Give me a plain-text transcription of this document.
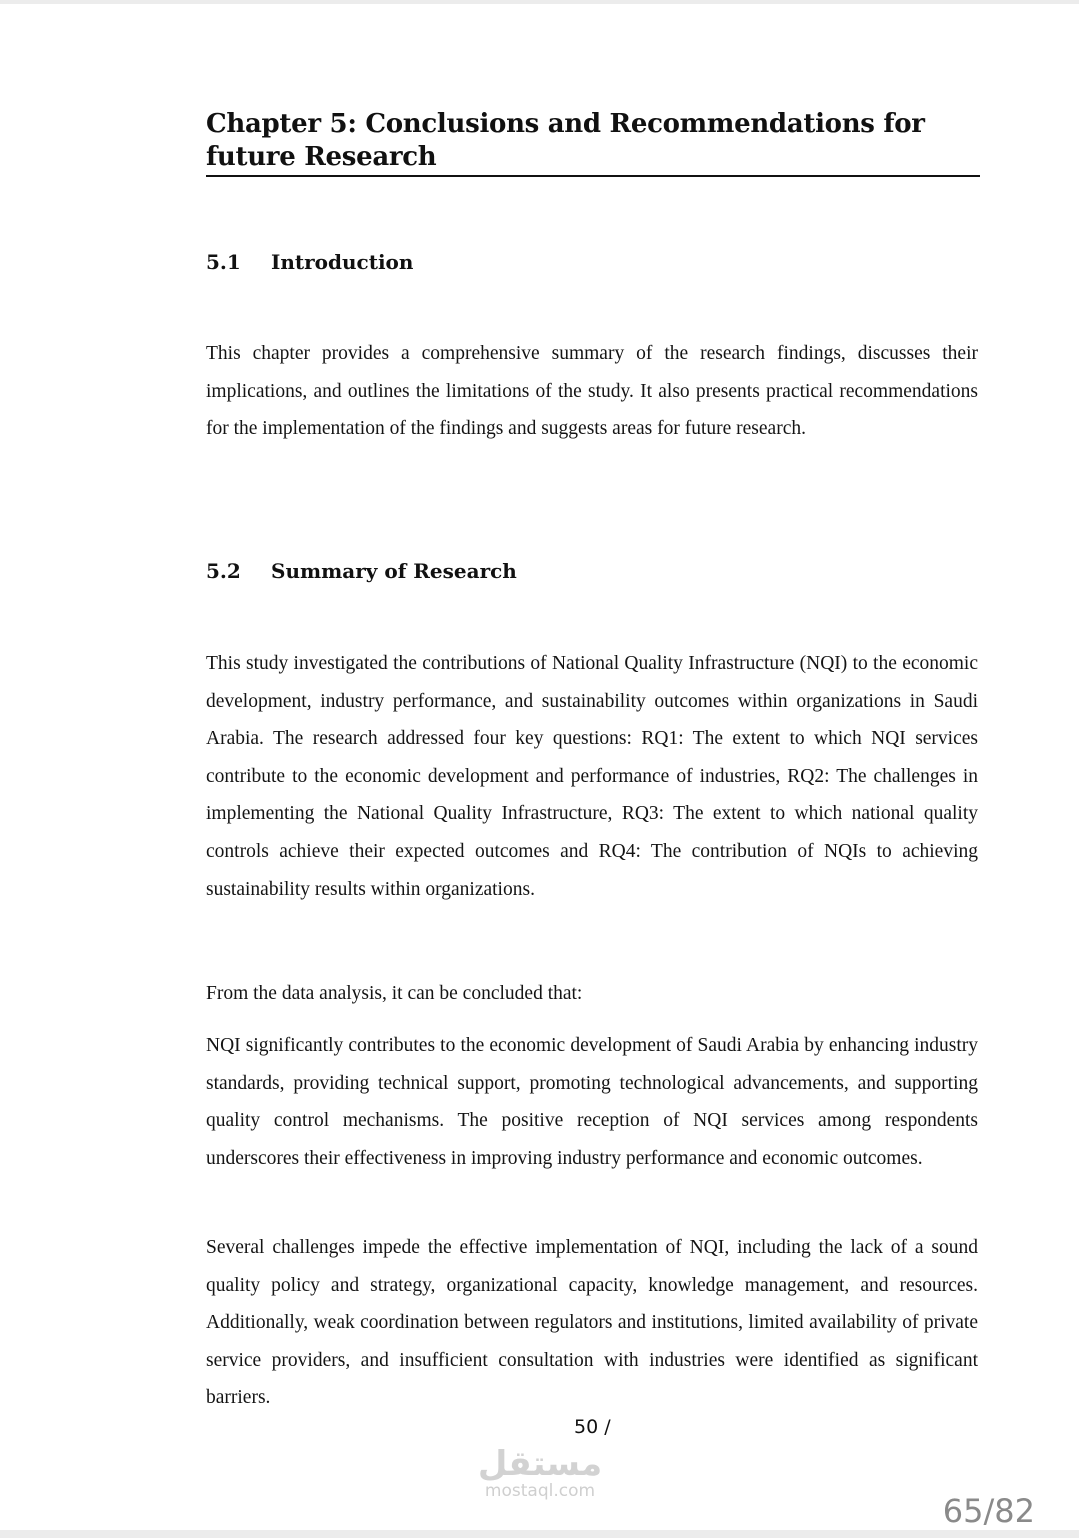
Chapter 5: Conclusions and Recommendations for future Research
5.1 Introduction

This chapter provides a comprehensive summary of the research findings, discusses their implications, and outlines the limitations of the study. It also presents practical recommendations for the implementation of the findings and suggests areas for future research.

5.2 Summary of Research

This study investigated the contributions of National Quality Infrastructure (NQI) to the economic development, industry performance, and sustainability outcomes within organizations in Saudi Arabia. The research addressed four key questions: RQ1: The extent to which NQI services contribute to the economic development and performance of industries, RQ2: The challenges in implementing the National Quality Infrastructure, RQ3: The extent to which national quality controls achieve their expected outcomes and RQ4: The contribution of NQIs to achieving sustainability results within organizations.

From the data analysis, it can be concluded that:

NQI significantly contributes to the economic development of Saudi Arabia by enhancing industry standards, providing technical support, promoting technological advancements, and supporting quality control mechanisms. The positive reception of NQI services among respondents underscores their effectiveness in improving industry performance and economic outcomes.

Several challenges impede the effective implementation of NQI, including the lack of a sound quality policy and strategy, organizational capacity, knowledge management, and resources. Additionally, weak coordination between regulators and institutions, limited availability of private service providers, and insufficient consultation with industries were identified as significant barriers.

50 /
مستقل
mostaql.com
65/82
